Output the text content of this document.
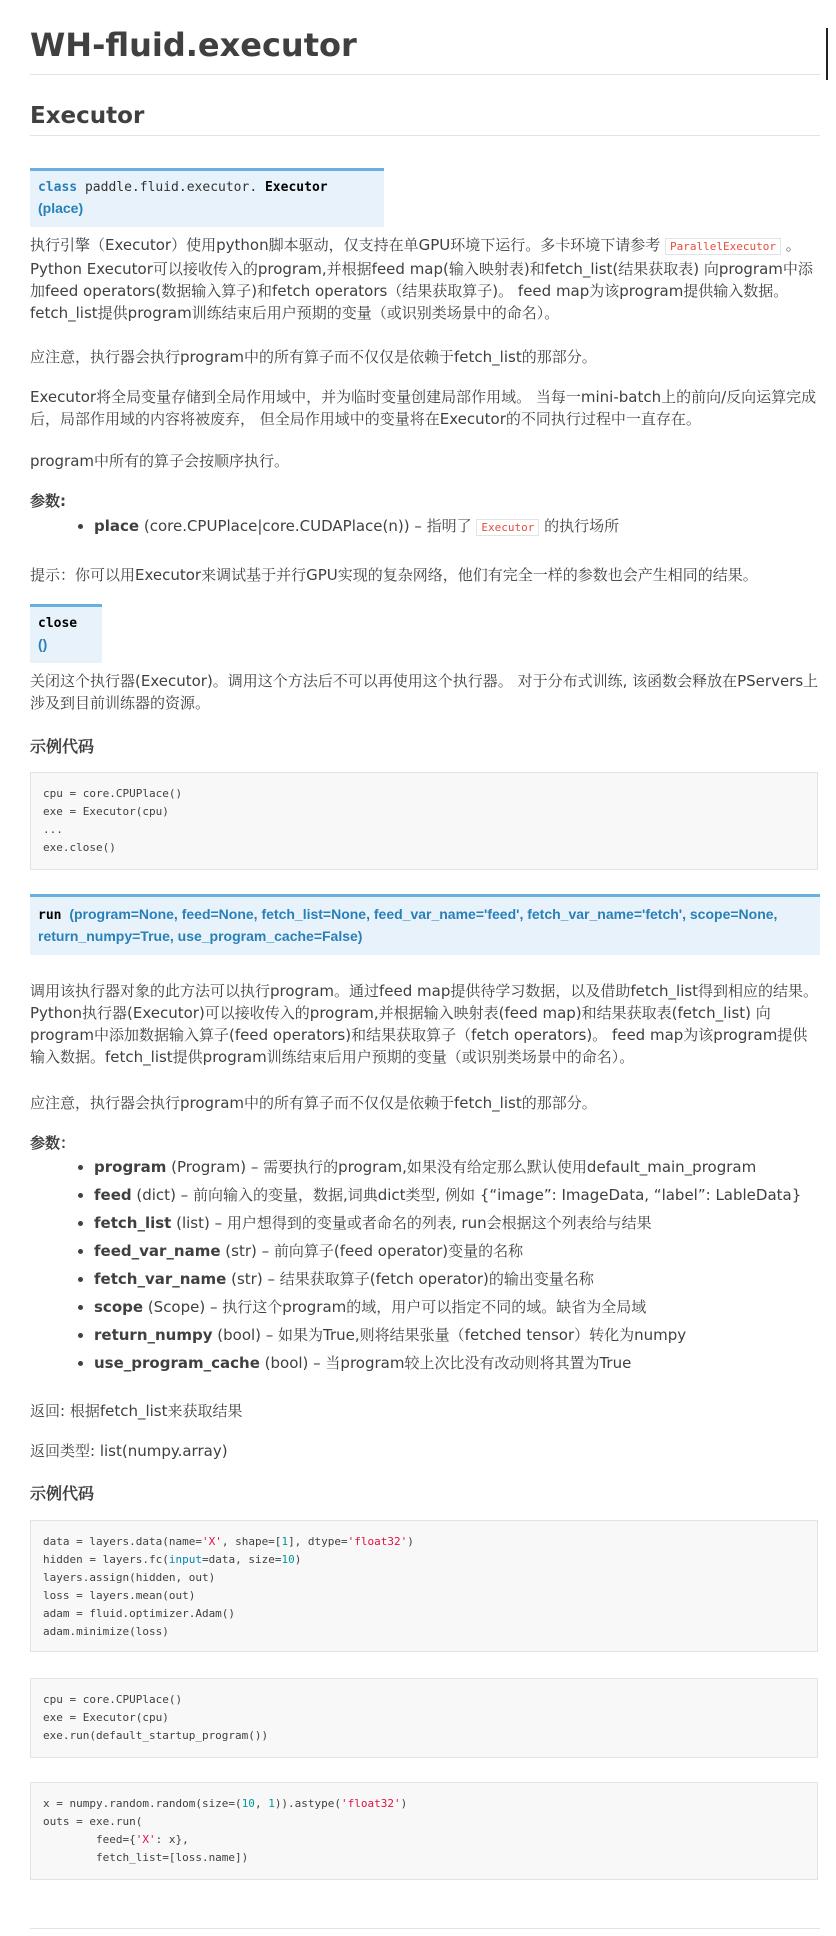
WH-fluid.executor
Executor
class paddle.fluid.executor. Executor (place)

执行引擎（Executor）使用python脚本驱动，仅支持在单GPU环境下运行。多卡环境下请参考 ParallelExecutor 。 Python Executor可以接收传入的program,并根据feed map(输入映射表)和fetch_list(结果获取表) 向program中添加feed operators(数据输入算子)和fetch operators（结果获取算子)。 feed map为该program提供输入数据。fetch_list提供program训练结束后用户预期的变量（或识别类场景中的命名）。

应注意，执行器会执行program中的所有算子而不仅仅是依赖于fetch_list的那部分。

Executor将全局变量存储到全局作用域中，并为临时变量创建局部作用域。 当每一mini-batch上的前向/反向运算完成后，局部作用域的内容将被废弃， 但全局作用域中的变量将在Executor的不同执行过程中一直存在。

program中所有的算子会按顺序执行。

参数:
• place (core.CPUPlace|core.CUDAPlace(n)) – 指明了 Executor 的执行场所

提示：你可以用Executor来调试基于并行GPU实现的复杂网络，他们有完全一样的参数也会产生相同的结果。

close ()

关闭这个执行器(Executor)。调用这个方法后不可以再使用这个执行器。 对于分布式训练, 该函数会释放在PServers上涉及到目前训练器的资源。

示例代码
cpu = core.CPUPlace()
exe = Executor(cpu)
...
exe.close()
run (program=None, feed=None, fetch_list=None, feed_var_name='feed', fetch_var_name='fetch', scope=None, return_numpy=True, use_program_cache=False)

调用该执行器对象的此方法可以执行program。通过feed map提供待学习数据，以及借助fetch_list得到相应的结果。 Python执行器(Executor)可以接收传入的program,并根据输入映射表(feed map)和结果获取表(fetch_list) 向program中添加数据输入算子(feed operators)和结果获取算子（fetch operators)。 feed map为该program提供输入数据。fetch_list提供program训练结束后用户预期的变量（或识别类场景中的命名）。

应注意，执行器会执行program中的所有算子而不仅仅是依赖于fetch_list的那部分。

参数：
• program (Program) – 需要执行的program,如果没有给定那么默认使用default_main_program
• feed (dict) – 前向输入的变量，数据,词典dict类型, 例如 {“image”: ImageData, “label”: LableData}
• fetch_list (list) – 用户想得到的变量或者命名的列表, run会根据这个列表给与结果
• feed_var_name (str) – 前向算子(feed operator)变量的名称
• fetch_var_name (str) – 结果获取算子(fetch operator)的输出变量名称
• scope (Scope) – 执行这个program的域，用户可以指定不同的域。缺省为全局域
• return_numpy (bool) – 如果为True,则将结果张量（fetched tensor）转化为numpy
• use_program_cache (bool) – 当program较上次比没有改动则将其置为True

返回: 根据fetch_list来获取结果

返回类型: list(numpy.array)

示例代码
data = layers.data(name='X', shape=[1], dtype='float32')
hidden = layers.fc(input=data, size=10)
layers.assign(hidden, out)
loss = layers.mean(out)
adam = fluid.optimizer.Adam()
adam.minimize(loss)
cpu = core.CPUPlace()
exe = Executor(cpu)
exe.run(default_startup_program())
x = numpy.random.random(size=(10, 1)).astype('float32')
outs = exe.run(
feed={'X': x},
fetch_list=[loss.name])
